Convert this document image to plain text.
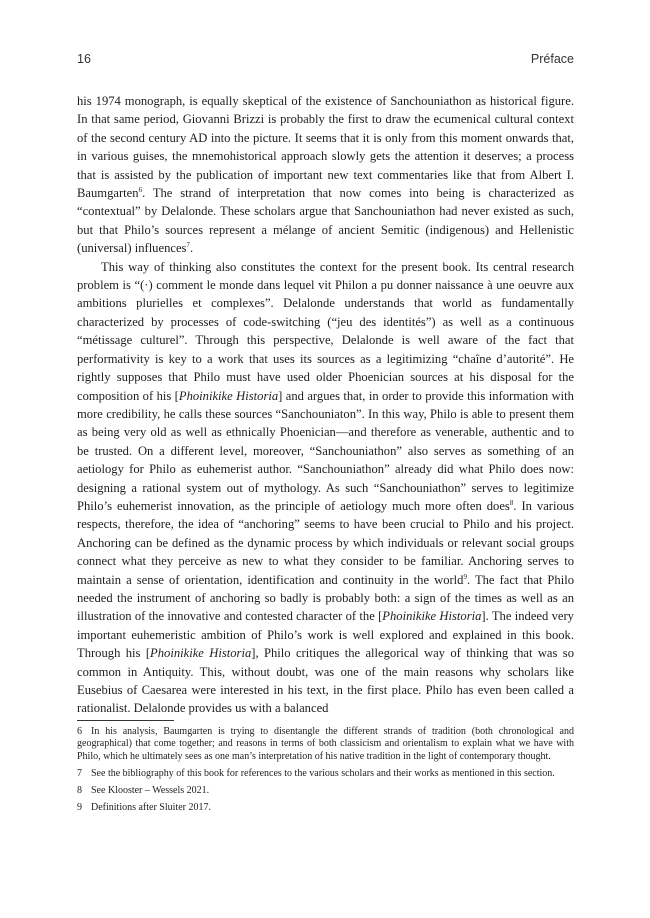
16	Préface

his 1974 monograph, is equally skeptical of the existence of Sanchouniathon as historical figure. In that same period, Giovanni Brizzi is probably the first to draw the ecumenical cultural context of the second century AD into the picture. It seems that it is only from this moment onwards that, in various guises, the mnemohistorical approach slowly gets the attention it deserves; a process that is assisted by the publication of important new text commentaries like that from Albert I. Baumgarten$^6$. The strand of interpretation that now comes into being is characterized as “contextual” by Delalonde. These scholars argue that Sanchouniathon had never existed as such, but that Philo’s sources represent a mélange of ancient Semitic (indigenous) and Hellenistic (universal) influences$^7$.

This way of thinking also constitutes the context for the present book. Its central research problem is “(·) comment le monde dans lequel vit Philon a pu donner naissance à une oeuvre aux ambitions plurielles et complexes”. Delalonde understands that world as fundamentally characterized by processes of code-switching (“jeu des identités”) as well as a continuous “métissage culturel”. Through this perspective, Delalonde is well aware of the fact that performativity is key to a work that uses its sources as a legitimizing “chaîne d’autorité”. He rightly supposes that Philo must have used older Phoenician sources at his disposal for the composition of his [Phoinikike Historia] and argues that, in order to provide this information with more credibility, he calls these sources “Sanchouniaton”. In this way, Philo is able to present them as being very old as well as ethnically Phoenician—and therefore as venerable, authentic and to be trusted. On a different level, moreover, “Sanchouniathon” also serves as something of an aetiology for Philo as euhemerist author. “Sanchouniathon” already did what Philo does now: designing a rational system out of mythology. As such “Sanchouniathon” serves to legitimize Philo’s euhemerist innovation, as the principle of aetiology much more often does$^8$. In various respects, therefore, the idea of “anchoring” seems to have been crucial to Philo and his project. Anchoring can be defined as the dynamic process by which individuals or relevant social groups connect what they perceive as new to what they consider to be familiar. Anchoring serves to maintain a sense of orientation, identification and continuity in the world$^9$. The fact that Philo needed the instrument of anchoring so badly is probably both: a sign of the times as well as an illustration of the innovative and contested character of the [Phoinikike Historia]. The indeed very important euhemeristic ambition of Philo’s work is well explored and explained in this book. Through his [Phoinikike Historia], Philo critiques the allegorical way of thinking that was so common in Antiquity. This, without doubt, was one of the main reasons why scholars like Eusebius of Caesarea were interested in his text, in the first place. Philo has even been called a rationalist. Delalonde provides us with a balanced

6 In his analysis, Baumgarten is trying to disentangle the different strands of tradition (both chronological and geographical) that come together; and reasons in terms of both classicism and orientalism to explain what we have with Philo, which he ultimately sees as one man’s interpretation of his native tradition in the light of contemporary thought.
7 See the bibliography of this book for references to the various scholars and their works as mentioned in this section.
8 See Klooster – Wessels 2021.
9 Definitions after Sluiter 2017.
